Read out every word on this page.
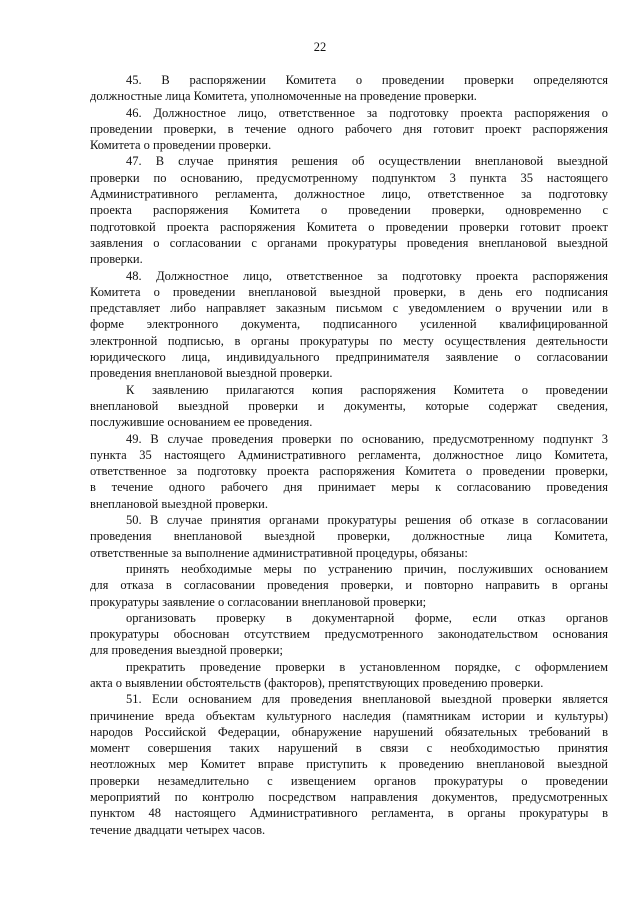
22
45. В распоряжении Комитета о проведении проверки определяются
должностные лица Комитета, уполномоченные на проведение проверки.
46. Должностное лицо, ответственное за подготовку проекта распоряжения о
проведении проверки, в течение одного рабочего дня готовит проект распоряжения
Комитета о проведении проверки.
47. В случае принятия решения об осуществлении внеплановой выездной
проверки по основанию, предусмотренному подпунктом 3 пункта 35 настоящего
Административного регламента, должностное лицо, ответственное за подготовку
проекта распоряжения Комитета о проведении проверки, одновременно с
подготовкой проекта распоряжения Комитета о проведении проверки готовит проект
заявления о согласовании с органами прокуратуры проведения внеплановой выездной
проверки.
48. Должностное лицо, ответственное за подготовку проекта распоряжения
Комитета о проведении внеплановой выездной проверки, в день его подписания
представляет либо направляет заказным письмом с уведомлением о вручении или в
форме электронного документа, подписанного усиленной квалифицированной
электронной подписью, в органы прокуратуры по месту осуществления деятельности
юридического лица, индивидуального предпринимателя заявление о согласовании
проведения внеплановой выездной проверки.
К заявлению прилагаются копия распоряжения Комитета о проведении
внеплановой выездной проверки и документы, которые содержат сведения,
послужившие основанием ее проведения.
49. В случае проведения проверки по основанию, предусмотренному подпункт 3
пункта 35 настоящего Административного регламента, должностное лицо Комитета,
ответственное за подготовку проекта распоряжения Комитета о проведении проверки,
в течение одного рабочего дня принимает меры к согласованию проведения
внеплановой выездной проверки.
50. В случае принятия органами прокуратуры решения об отказе в согласовании
проведения внеплановой выездной проверки, должностные лица Комитета,
ответственные за выполнение административной процедуры, обязаны:
принять необходимые меры по устранению причин, послуживших основанием
для отказа в согласовании проведения проверки, и повторно направить в органы
прокуратуры заявление о согласовании внеплановой проверки;
организовать проверку в документарной форме, если отказ органов
прокуратуры обоснован отсутствием предусмотренного законодательством основания
для проведения выездной проверки;
прекратить проведение проверки в установленном порядке, с оформлением
акта о выявлении обстоятельств (факторов), препятствующих проведению проверки.
51. Если основанием для проведения внеплановой выездной проверки является
причинение вреда объектам культурного наследия (памятникам истории и культуры)
народов Российской Федерации, обнаружение нарушений обязательных требований в
момент совершения таких нарушений в связи с необходимостью принятия
неотложных мер Комитет вправе приступить к проведению внеплановой выездной
проверки незамедлительно с извещением органов прокуратуры о проведении
мероприятий по контролю посредством направления документов, предусмотренных
пунктом 48 настоящего Административного регламента, в органы прокуратуры в
течение двадцати четырех часов.
